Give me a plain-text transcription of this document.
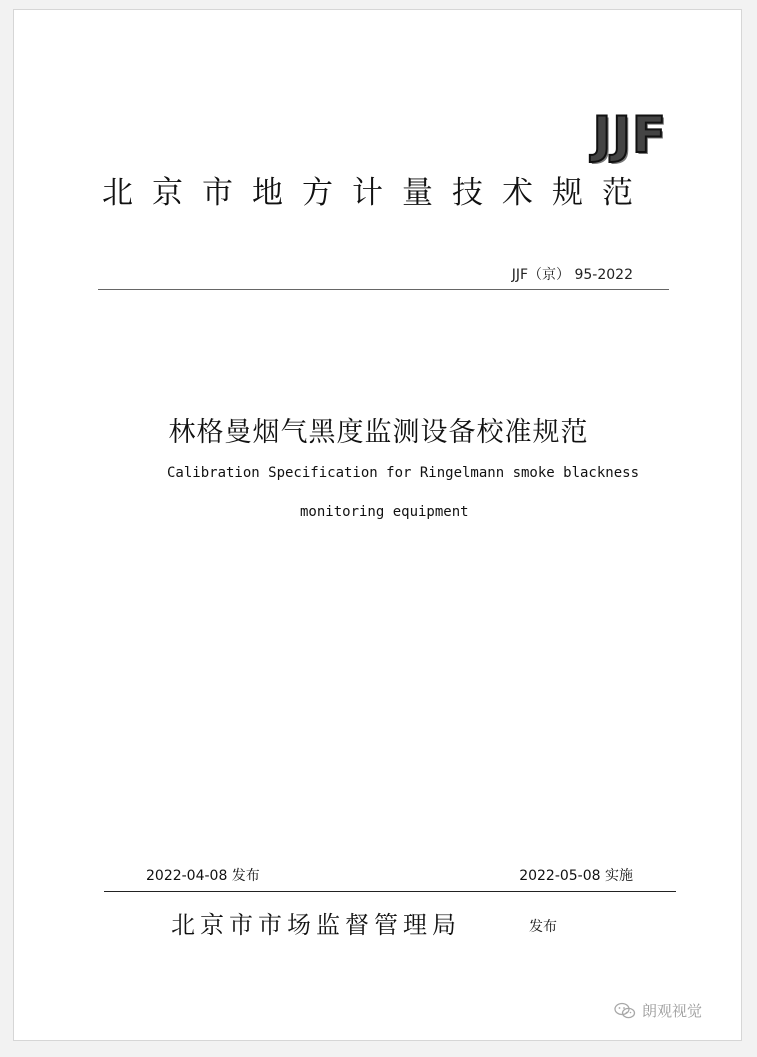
JJF
北京市地方计量技术规范
JJF（京） 95-2022
林格曼烟气黑度监测设备校准规范
Calibration Specification for Ringelmann smoke blackness
monitoring equipment
2022-04-08 发布	2022-05-08 实施
北京市市场监督管理局	发布
朗观视觉
